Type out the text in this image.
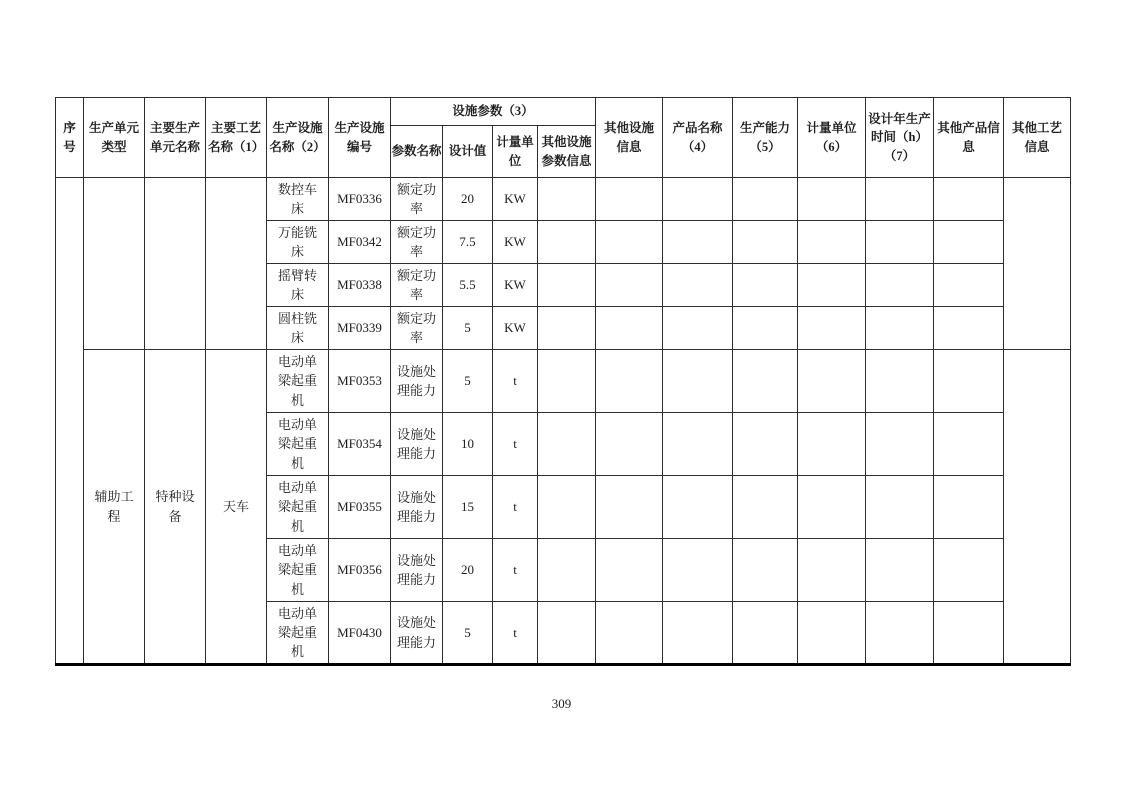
序号	生产单元类型	主要生产单元名称	主要工艺名称（1）	生产设施名称（2）	生产设施编号	设施参数（3）				其他设施信息	产品名称（4）	生产能力（5）	计量单位（6）	设计年生产时间（h）（7）	其他产品信息	其他工艺信息
						参数名称	设计值	计量单位	其他设施参数信息							
				数控车床	MF0336	额定功率	20	KW								
				万能铣床	MF0342	额定功率	7.5	KW								
				摇臂转床	MF0338	额定功率	5.5	KW								
				圆柱铣床	MF0339	额定功率	5	KW								
	辅助工程	特种设备	天车	电动单梁起重机	MF0353	设施处理能力	5	t								
				电动单梁起重机	MF0354	设施处理能力	10	t								
				电动单梁起重机	MF0355	设施处理能力	15	t								
				电动单梁起重机	MF0356	设施处理能力	20	t								
				电动单梁起重机	MF0430	设施处理能力	5	t								
309
